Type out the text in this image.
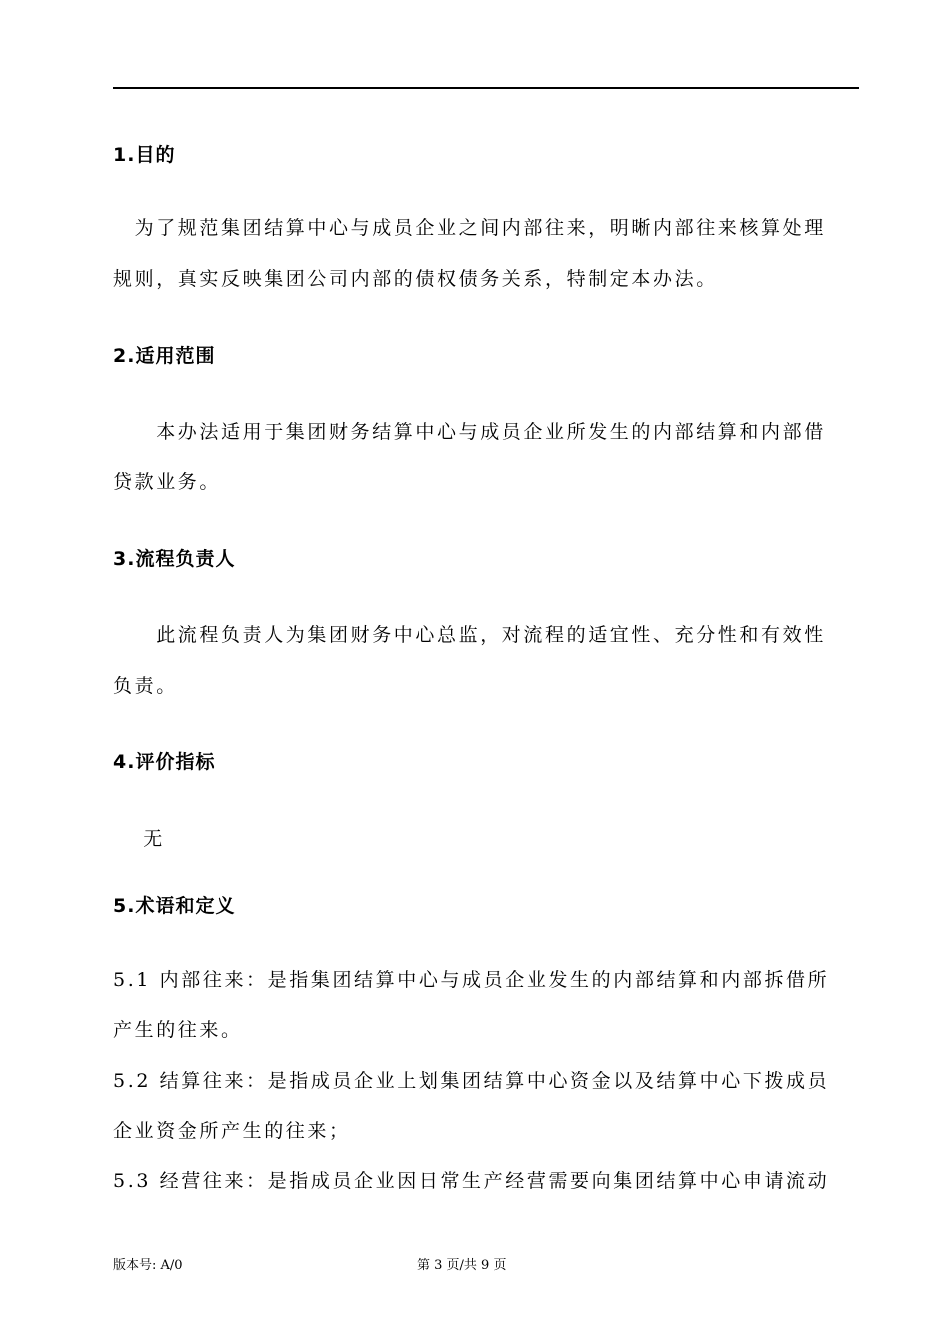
1.目的

　为了规范集团结算中心与成员企业之间内部往来，明晰内部往来核算处理

规则，真实反映集团公司内部的债权债务关系，特制定本办法。

2.适用范围

　　本办法适用于集团财务结算中心与成员企业所发生的内部结算和内部借

贷款业务。

3.流程负责人

　　此流程负责人为集团财务中心总监，对流程的适宜性、充分性和有效性

负责。

4.评价指标

　 无

5.术语和定义

5.1 内部往来：是指集团结算中心与成员企业发生的内部结算和内部拆借所

产生的往来。

5.2 结算往来：是指成员企业上划集团结算中心资金以及结算中心下拨成员

企业资金所产生的往来；

5.3 经营往来：是指成员企业因日常生产经营需要向集团结算中心申请流动

版本号: A/0	第 3 页/共 9 页
